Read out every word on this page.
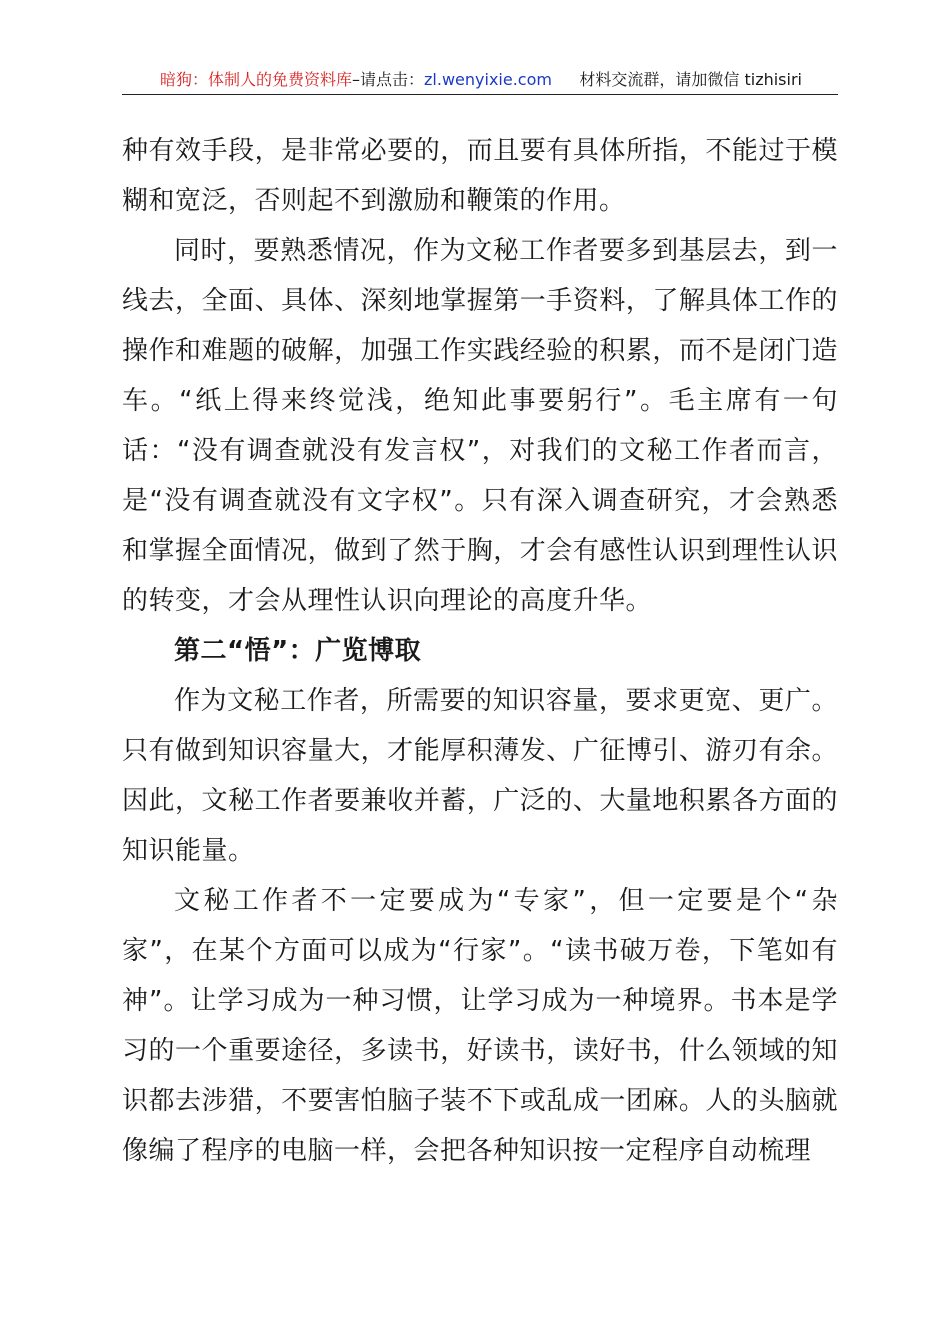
暗狗：体制人的免费资料库–请点击：zl.wenyixie.com 材料交流群，请加微信 tizhisiri

种有效手段，是非常必要的，而且要有具体所指，不能过于模糊和宽泛，否则起不到激励和鞭策的作用。

同时，要熟悉情况，作为文秘工作者要多到基层去，到一线去，全面、具体、深刻地掌握第一手资料，了解具体工作的操作和难题的破解，加强工作实践经验的积累，而不是闭门造车。“纸上得来终觉浅，绝知此事要躬行”。毛主席有一句话：“没有调查就没有发言权”，对我们的文秘工作者而言，是“没有调查就没有文字权”。只有深入调查研究，才会熟悉和掌握全面情况，做到了然于胸，才会有感性认识到理性认识的转变，才会从理性认识向理论的高度升华。

第二“悟”：广览博取

作为文秘工作者，所需要的知识容量，要求更宽、更广。只有做到知识容量大，才能厚积薄发、广征博引、游刃有余。因此，文秘工作者要兼收并蓄，广泛的、大量地积累各方面的知识能量。

文秘工作者不一定要成为“专家”，但一定要是个“杂家”，在某个方面可以成为“行家”。“读书破万卷，下笔如有神”。让学习成为一种习惯，让学习成为一种境界。书本是学习的一个重要途径，多读书，好读书，读好书，什么领域的知识都去涉猎，不要害怕脑子装不下或乱成一团麻。人的头脑就像编了程序的电脑一样，会把各种知识按一定程序自动梳理
